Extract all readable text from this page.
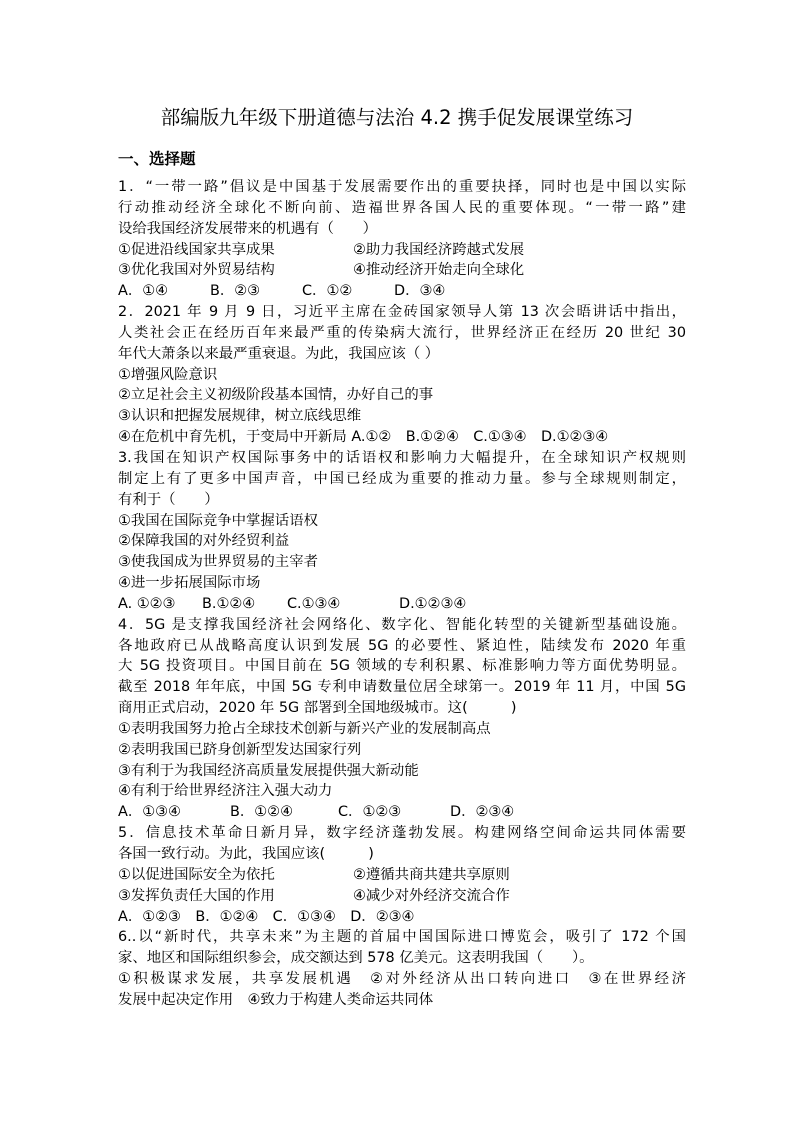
部编版九年级下册道德与法治 4.2 携手促发展课堂练习
一、选择题
1．“一带一路”倡议是中国基于发展需要作出的重要抉择，同时也是中国以实际
行动推动经济全球化不断向前、造福世界各国人民的重要体现。“一带一路”建
设给我国经济发展带来的机遇有（　　）
①促进沿线国家共享成果	②助力我国经济跨越式发展
③优化我国对外贸易结构	④推动经济开始走向全球化
A．①④	B．②③	C．①②	D．③④
2．2021 年 9 月 9 日，习近平主席在金砖国家领导人第 13 次会晤讲话中指出，
人类社会正在经历百年来最严重的传染病大流行，世界经济正在经历 20 世纪 30
年代大萧条以来最严重衰退。为此，我国应该（ ）
①增强风险意识
②立足社会主义初级阶段基本国情，办好自己的事
③认识和把握发展规律，树立底线思维
④在危机中育先机，于变局中开新局 A.①②　B.①②④　C.①③④　D.①②③④
3.我国在知识产权国际事务中的话语权和影响力大幅提升，在全球知识产权规则
制定上有了更多中国声音，中国已经成为重要的推动力量。参与全球规则制定，
有利于（　　）
①我国在国际竞争中掌握话语权
②保障我国的对外经贸利益
③使我国成为世界贸易的主宰者
④进一步拓展国际市场
A. ①②③ B.①②④ C.①③④	D.①②③④
4．5G 是支撑我国经济社会网络化、数字化、智能化转型的关键新型基础设施。
各地政府已从战略高度认识到发展 5G 的必要性、紧迫性，陆续发布 2020 年重
大 5G 投资项目。中国目前在 5G 领域的专利积累、标准影响力等方面优势明显。
截至 2018 年年底，中国 5G 专利申请数量位居全球第一。2019 年 11 月，中国 5G
商用正式启动，2020 年 5G 部署到全国地级城市。这(　　　)
①表明我国努力抢占全球技术创新与新兴产业的发展制高点
②表明我国已跻身创新型发达国家行列
③有利于为我国经济高质量发展提供强大新动能
④有利于给世界经济注入强大动力
A．①③④	B．①②④	C．①②③	D．②③④
5．信息技术革命日新月异，数字经济蓬勃发展。构建网络空间命运共同体需要
各国一致行动。为此，我国应该(　　　)
①以促进国际安全为依托	②遵循共商共建共享原则
③发挥负责任大国的作用	④减少对外经济交流合作
A．①②③　B．①②④　C．①③④　D．②③④
6..以“新时代，共享未来”为主题的首届中国国际进口博览会，吸引了 172 个国
家、地区和国际组织参会，成交额达到 578 亿美元。这表明我国（　　）。
①积极谋求发展，共享发展机遇　②对外经济从出口转向进口　③在世界经济
发展中起决定作用　④致力于构建人类命运共同体
